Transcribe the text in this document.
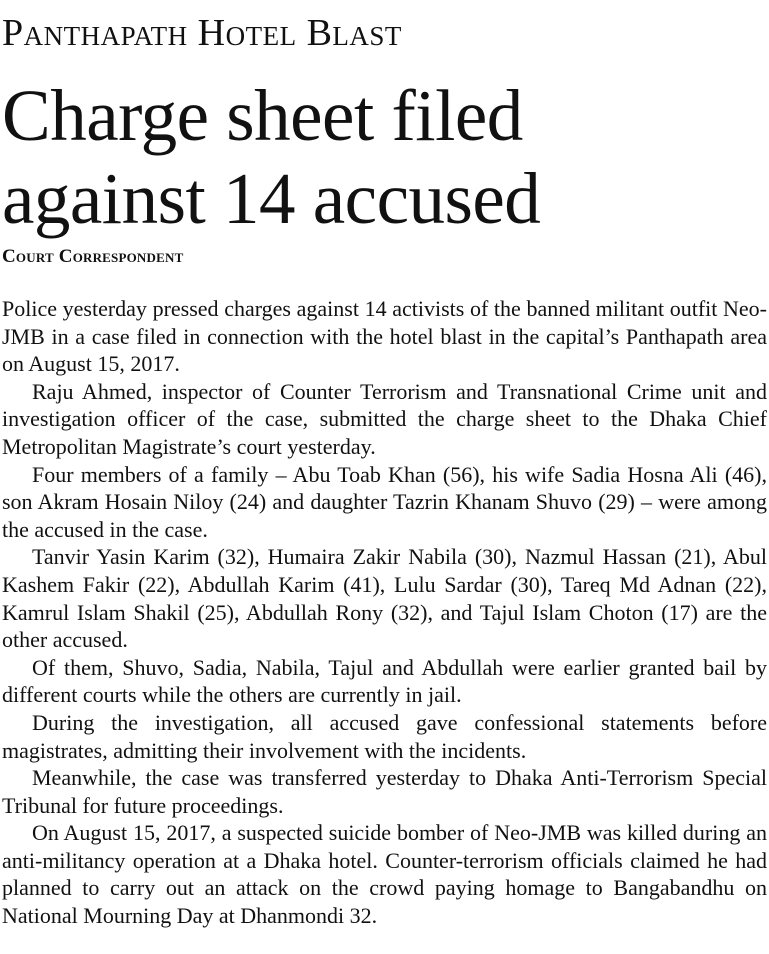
Panthapath Hotel Blast
Charge sheet filed
against 14 accused
Court Correspondent

Police yesterday pressed charges against 14 activists of the banned militant outfit Neo-JMB in a case filed in connection with the hotel blast in the capital’s Panthapath area on August 15, 2017.

Raju Ahmed, inspector of Counter Terrorism and Transnational Crime unit and investigation officer of the case, submitted the charge sheet to the Dhaka Chief Metropolitan Magistrate’s court yesterday.

Four members of a family – Abu Toab Khan (56), his wife Sadia Hosna Ali (46), son Akram Hosain Niloy (24) and daughter Tazrin Khanam Shuvo (29) – were among the accused in the case.

Tanvir Yasin Karim (32), Humaira Zakir Nabila (30), Nazmul Hassan (21), Abul Kashem Fakir (22), Abdullah Karim (41), Lulu Sardar (30), Tareq Md Adnan (22), Kamrul Islam Shakil (25), Abdullah Rony (32), and Tajul Islam Choton (17) are the other accused.

Of them, Shuvo, Sadia, Nabila, Tajul and Abdullah were earlier granted bail by different courts while the others are currently in jail.

During the investigation, all accused gave confessional statements before magistrates, admitting their involvement with the incidents.

Meanwhile, the case was transferred yesterday to Dhaka Anti-Terrorism Special Tribunal for future proceedings.

On August 15, 2017, a suspected suicide bomber of Neo-JMB was killed during an anti-militancy operation at a Dhaka hotel. Counter-terrorism officials claimed he had planned to carry out an attack on the crowd paying homage to Bangabandhu on National Mourning Day at Dhanmondi 32.
